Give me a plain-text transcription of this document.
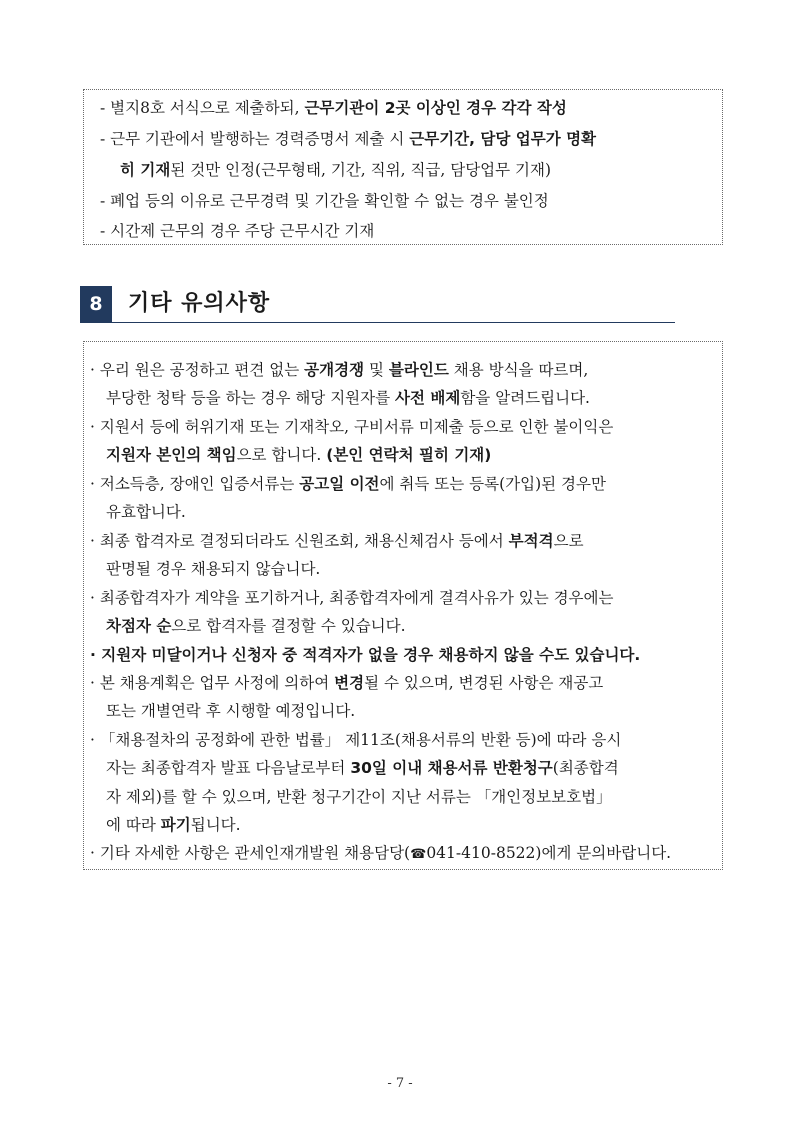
- 별지8호 서식으로 제출하되, 근무기관이 2곳 이상인 경우 각각 작성
- 근무 기관에서 발행하는 경력증명서 제출 시 근무기간, 담당 업무가 명확
히 기재된 것만 인정(근무형태, 기간, 직위, 직급, 담당업무 기재)
- 폐업 등의 이유로 근무경력 및 기간을 확인할 수 없는 경우 불인정
- 시간제 근무의 경우 주당 근무시간 기재
8	기타 유의사항
· 우리 원은 공정하고 편견 없는 공개경쟁 및 블라인드 채용 방식을 따르며,
부당한 청탁 등을 하는 경우 해당 지원자를 사전 배제함을 알려드립니다.
· 지원서 등에 허위기재 또는 기재착오, 구비서류 미제출 등으로 인한 불이익은
지원자 본인의 책임으로 합니다. (본인 연락처 필히 기재)
· 저소득층, 장애인 입증서류는 공고일 이전에 취득 또는 등록(가입)된 경우만
유효합니다.
· 최종 합격자로 결정되더라도 신원조회, 채용신체검사 등에서 부적격으로
판명될 경우 채용되지 않습니다.
· 최종합격자가 계약을 포기하거나, 최종합격자에게 결격사유가 있는 경우에는
차점자 순으로 합격자를 결정할 수 있습니다.
· 지원자 미달이거나 신청자 중 적격자가 없을 경우 채용하지 않을 수도 있습니다.
· 본 채용계획은 업무 사정에 의하여 변경될 수 있으며, 변경된 사항은 재공고
또는 개별연락 후 시행할 예정입니다.
· 「채용절차의 공정화에 관한 법률」 제11조(채용서류의 반환 등)에 따라 응시
자는 최종합격자 발표 다음날로부터 30일 이내 채용서류 반환청구(최종합격
자 제외)를 할 수 있으며, 반환 청구기간이 지난 서류는 「개인정보보호법」
에 따라 파기됩니다.
· 기타 자세한 사항은 관세인재개발원 채용담당(☎041-410-8522)에게 문의바랍니다.
- 7 -
